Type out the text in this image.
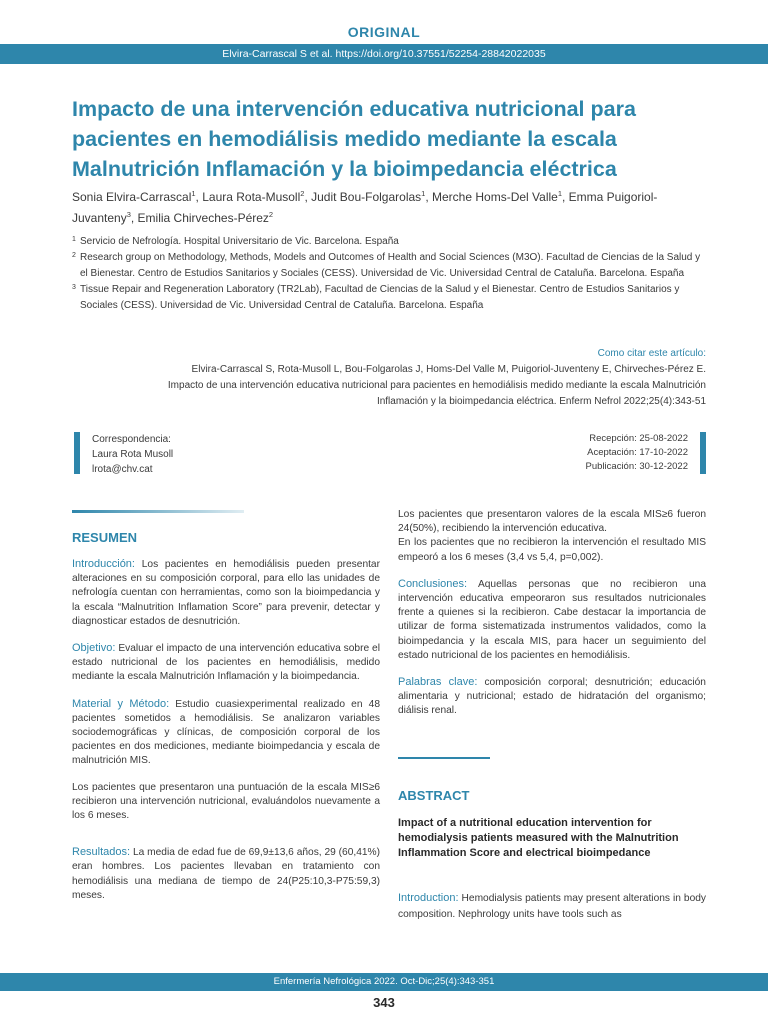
ORIGINAL
Elvira-Carrascal S et al. https://doi.org/10.37551/52254-28842022035
Impacto de una intervención educativa nutricional para pacientes en hemodiálisis medido mediante la escala Malnutrición Inflamación y la bioimpedancia eléctrica
Sonia Elvira-Carrascal$^1$, Laura Rota-Musoll$^2$, Judit Bou-Folgarolas$^1$, Merche Homs-Del Valle$^1$, Emma Puigoriol-Juvanteny$^3$, Emilia Chirveches-Pérez$^2$
1 Servicio de Nefrología. Hospital Universitario de Vic. Barcelona. España
2 Research group on Methodology, Methods, Models and Outcomes of Health and Social Sciences (M3O). Facultad de Ciencias de la Salud y el Bienestar. Centro de Estudios Sanitarios y Sociales (CESS). Universidad de Vic. Universidad Central de Cataluña. Barcelona. España
3 Tissue Repair and Regeneration Laboratory (TR2Lab), Facultad de Ciencias de la Salud y el Bienestar. Centro de Estudios Sanitarios y Sociales (CESS). Universidad de Vic. Universidad Central de Cataluña. Barcelona. España
Como citar este artículo:
Elvira-Carrascal S, Rota-Musoll L, Bou-Folgarolas J, Homs-Del Valle M, Puigoriol-Juventeny E, Chirveches-Pérez E.
Impacto de una intervención educativa nutricional para pacientes en hemodiálisis medido mediante la escala Malnutrición
Inflamación y la bioimpedancia eléctrica. Enferm Nefrol 2022;25(4):343-51
Correspondencia:
Laura Rota Musoll
lrota@chv.cat
Recepción: 25-08-2022
Aceptación: 17-10-2022
Publicación: 30-12-2022
RESUMEN

Introducción: Los pacientes en hemodiálisis pueden presentar alteraciones en su composición corporal, para ello las unidades de nefrología cuentan con herramientas, como son la bioimpedancia y la escala “Malnutrition Inflamation Score” para prevenir, detectar y diagnosticar estados de desnutrición.

Objetivo: Evaluar el impacto de una intervención educativa sobre el estado nutricional de los pacientes en hemodiálisis, medido mediante la escala Malnutrición Inflamación y la bioimpedancia.

Material y Método: Estudio cuasiexperimental realizado en 48 pacientes sometidos a hemodiálisis. Se analizaron variables sociodemográficas y clínicas, de composición corporal de los pacientes en dos mediciones, mediante bioimpedancia y escala de malnutrición MIS.

Los pacientes que presentaron una puntuación de la escala MIS≥6 recibieron una intervención nutricional, evaluándolos nuevamente a los 6 meses.

Resultados: La media de edad fue de 69,9±13,6 años, 29 (60,41%) eran hombres. Los pacientes llevaban en tratamiento con hemodiálisis una mediana de tiempo de 24(P25:10,3-P75:59,3) meses.

Los pacientes que presentaron valores de la escala MIS≥6 fueron 24(50%), recibiendo la intervención educativa.

En los pacientes que no recibieron la intervención el resultado MIS empeoró a los 6 meses (3,4 vs 5,4, p=0,002).

Conclusiones: Aquellas personas que no recibieron una intervención educativa empeoraron sus resultados nutricionales frente a quienes si la recibieron. Cabe destacar la importancia de utilizar de forma sistematizada instrumentos validados, como la bioimpedancia y la escala MIS, para hacer un seguimiento del estado nutricional de los pacientes en hemodiálisis.

Palabras clave: composición corporal; desnutrición; educación alimentaria y nutricional; estado de hidratación del organismo; diálisis renal.

ABSTRACT
Impact of a nutritional education intervention for hemodialysis patients measured with the Malnutrition Inflammation Score and electrical bioimpedance

Introduction: Hemodialysis patients may present alterations in body composition. Nephrology units have tools such as

Enfermería Nefrológica 2022. Oct-Dic;25(4):343-351
343
